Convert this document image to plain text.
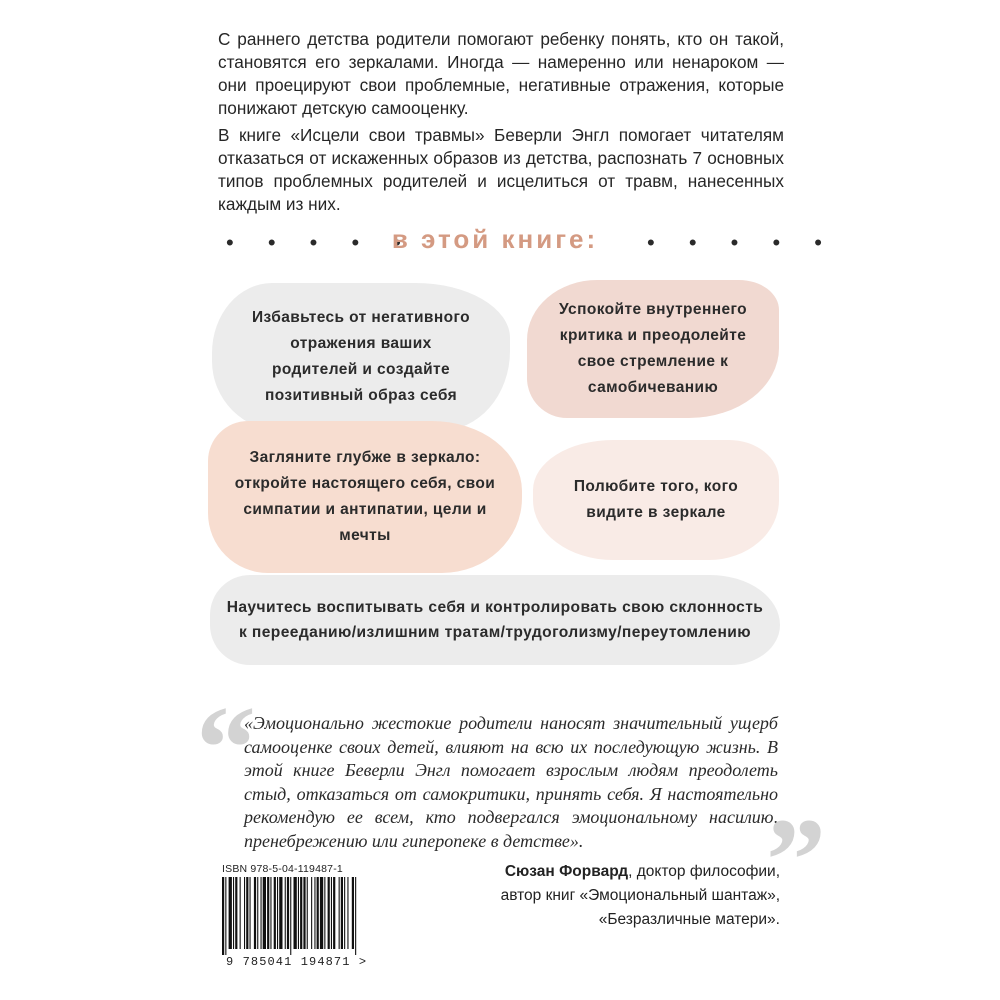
С раннего детства родители помогают ребенку понять, кто он такой, становятся его зеркалами. Иногда — намеренно или ненароком — они проецируют свои проблемные, негативные отражения, которые понижают детскую самооценку.

В книге «Исцели свои травмы» Беверли Энгл помогает читателям отказаться от искаженных образов из детства, распознать 7 основных типов проблемных родителей и исцелиться от травм, нанесенных каждым из них.

• • • • •
в этой книге:	• • • • •
Избавьтесь от негативного отражения ваших родителей и создайте позитивный образ себя
Успокойте внутреннего критика и преодолейте свое стремление к самобичеванию
Загляните глубже в зеркало: откройте настоящего себя, свои симпатии и антипатии, цели и мечты
Полюбите того, кого видите в зеркале
Научитесь воспитывать себя и контролировать свою склонность к перееданию/излишним тратам/трудоголизму/переутомлению
“

«Эмоционально жестокие родители наносят значительный ущерб самооценке своих детей, влияют на всю их последующую жизнь. В этой книге Беверли Энгл помогает взрослым людям преодолеть стыд, отказаться от самокритики, принять себя. Я настоятельно рекомендую ее всем, кто подвергался эмоциональному насилию, пренебрежению или гиперопеке в детстве».	”
Сюзан Форвард, доктор философии,
автор книг «Эмоциональный шантаж»,
«Безразличные матери».
ISBN 978-5-04-119487-1
9 785041 194871 >
